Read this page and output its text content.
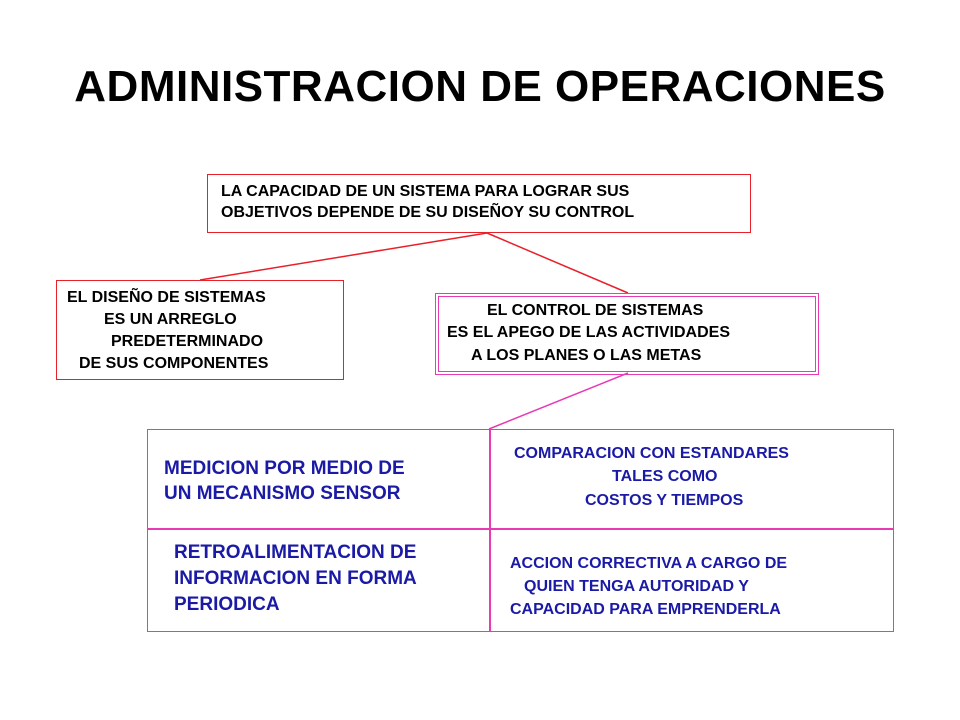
ADMINISTRACION DE OPERACIONES
LA CAPACIDAD DE UN SISTEMA PARA LOGRAR SUS
OBJETIVOS DEPENDE DE SU DISEÑOY SU CONTROL
EL DISEÑO DE SISTEMAS
ES UN ARREGLO
PREDETERMINADO
DE SUS COMPONENTES
EL CONTROL DE SISTEMAS
ES EL APEGO DE LAS ACTIVIDADES
A LOS PLANES O LAS METAS
MEDICION POR MEDIO DE
UN MECANISMO SENSOR
COMPARACION CON ESTANDARES
TALES COMO
COSTOS Y TIEMPOS
RETROALIMENTACION DE
INFORMACION EN FORMA
PERIODICA
ACCION CORRECTIVA A CARGO DE
QUIEN TENGA AUTORIDAD Y
CAPACIDAD PARA EMPRENDERLA
